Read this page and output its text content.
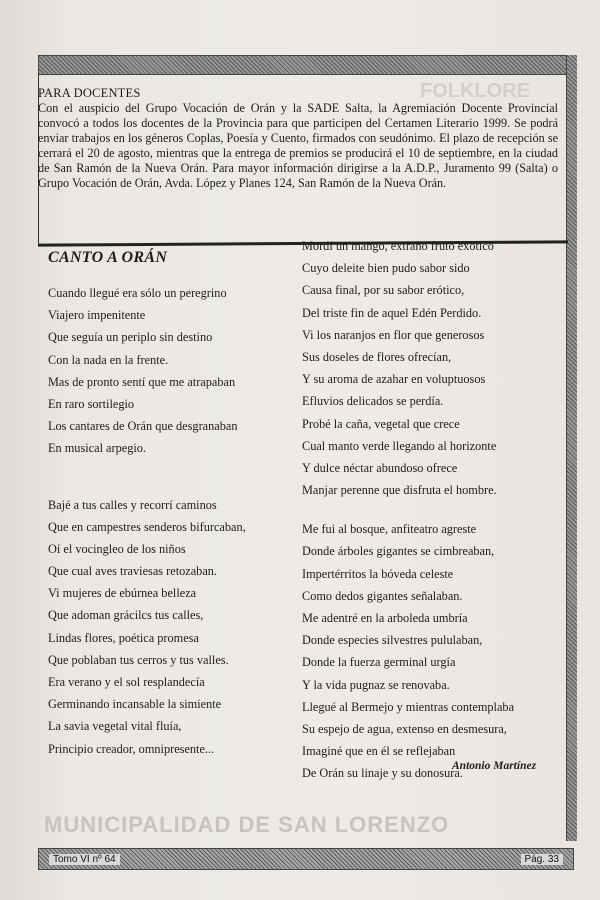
FOLKLORE
MUNICIPALIDAD DE SAN LORENZO
PARA DOCENTES

Con el auspicio del Grupo Vocación de Orán y la SADE Salta, la Agremiación Docente Provincial convocó a todos los docentes de la Provincia para que participen del Certamen Literario 1999. Se podrá enviar trabajos en los géneros Coplas, Poesía y Cuento, firmados con seudónimo. El plazo de recepción se cerrará el 20 de agosto, mientras que la entrega de premios se producirá el 10 de septiembre, en la ciudad de San Ramón de la Nueva Orán. Para mayor información dirigirse a la A.D.P., Juramento 99 (Salta) o Grupo Vocación de Orán, Avda. López y Planes 124, San Ramón de la Nueva Orán.

CANTO A ORÁN
Cuando llegué era sólo un peregrino
Viajero impenitente
Que seguía un periplo sin destino
Con la nada en la frente.
Mas de pronto sentí que me atrapaban
En raro sortilegio
Los cantares de Orán que desgranaban
En musical arpegio.
Bajé a tus calles y recorrí caminos
Que en campestres senderos bifurcaban,
Oí el vocingleo de los niños
Que cual aves traviesas retozaban.
Vi mujeres de ebúrnea belleza
Que adoman grácilcs tus calles,
Lindas flores, poética promesa
Que poblaban tus cerros y tus valles.
Era verano y el sol resplandecía
Germinando incansable la simiente
La savia vegetal vital fluía,
Principio creador, omnipresente...
Mordí un mango, extraño fruto exótico
Cuyo deleite bien pudo sabor sido
Causa final, por su sabor erótico,
Del triste fin de aquel Edén Perdido.
Vi los naranjos en flor que generosos
Sus doseles de flores ofrecían,
Y su aroma de azahar en voluptuosos
Efluvios delicados se perdía.
Probé la caña, vegetal que crece
Cual manto verde llegando al horizonte
Y dulce néctar abundoso ofrece
Manjar perenne que disfruta el hombre.
Me fui al bosque, anfiteatro agreste
Donde árboles gigantes se cimbreaban,
Impertérritos la bóveda celeste
Como dedos gigantes señalaban.
Me adentré en la arboleda umbría
Donde especies silvestres pululaban,
Donde la fuerza germinal urgía
Y la vida pugnaz se renovaba.
Llegué al Bermejo y mientras contemplaba
Su espejo de agua, extenso en desmesura,
Imaginé que en él se reflejaban
De Orán su linaje y su donosura.

Antonio Martínez

Tomo VI nº 64	Pág. 33
